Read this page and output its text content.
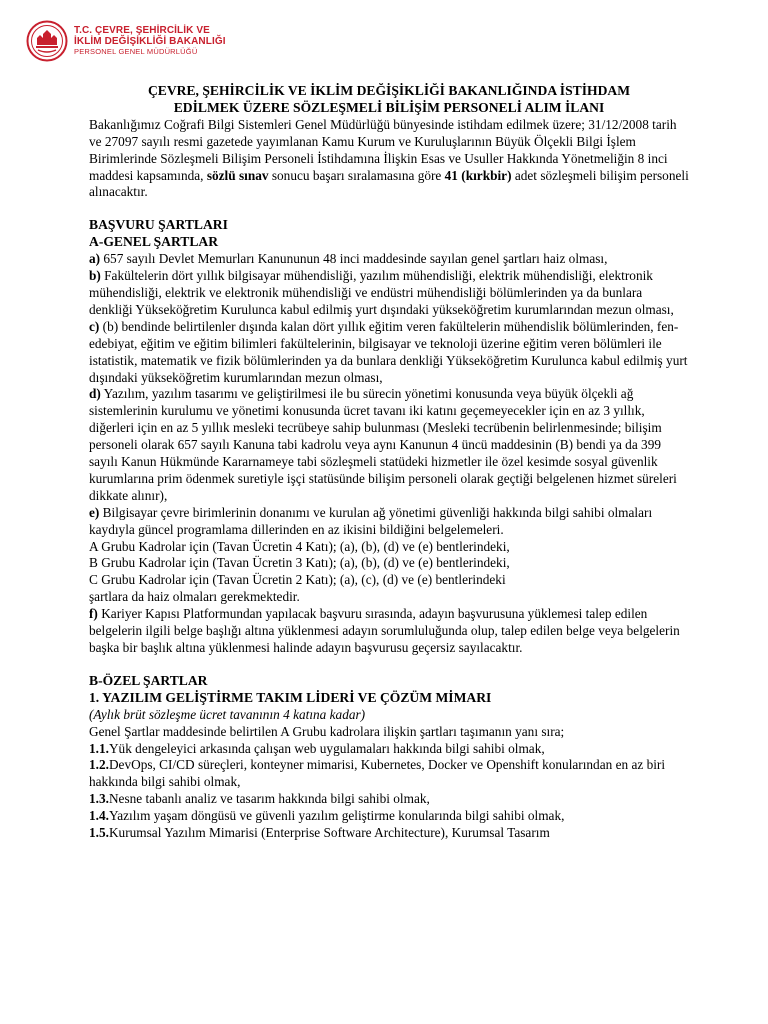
T.C. ÇEVRE, ŞEHİRCİLİK VE
İKLİM DEĞİŞİKLİĞİ BAKANLIĞI
PERSONEL GENEL MÜDÜRLÜĞÜ
ÇEVRE, ŞEHİRCİLİK VE İKLİM DEĞİŞİKLİĞİ BAKANLIĞINDA İSTİHDAM
EDİLMEK ÜZERE SÖZLEŞMELİ BİLİŞİM PERSONELİ ALIM İLANI

Bakanlığımız Coğrafi Bilgi Sistemleri Genel Müdürlüğü bünyesinde istihdam edilmek üzere; 31/12/2008 tarih ve 27097 sayılı resmi gazetede yayımlanan Kamu Kurum ve Kuruluşlarının Büyük Ölçekli Bilgi İşlem Birimlerinde Sözleşmeli Bilişim Personeli İstihdamına İlişkin Esas ve Usuller Hakkında Yönetmeliğin 8 inci maddesi kapsamında, sözlü sınav sonucu başarı sıralamasına göre 41 (kırkbir) adet sözleşmeli bilişim personeli alınacaktır.

BAŞVURU ŞARTLARI
A-GENEL ŞARTLAR

a) 657 sayılı Devlet Memurları Kanununun 48 inci maddesinde sayılan genel şartları haiz olması,

b) Fakültelerin dört yıllık bilgisayar mühendisliği, yazılım mühendisliği, elektrik mühendisliği, elektronik mühendisliği, elektrik ve elektronik mühendisliği ve endüstri mühendisliği bölümlerinden ya da bunlara denkliği Yükseköğretim Kurulunca kabul edilmiş yurt dışındaki yükseköğretim kurumlarından mezun olması,

c) (b) bendinde belirtilenler dışında kalan dört yıllık eğitim veren fakültelerin mühendislik bölümlerinden, fen-edebiyat, eğitim ve eğitim bilimleri fakültelerinin, bilgisayar ve teknoloji üzerine eğitim veren bölümleri ile istatistik, matematik ve fizik bölümlerinden ya da bunlara denkliği Yükseköğretim Kurulunca kabul edilmiş yurt dışındaki yükseköğretim kurumlarından mezun olması,

d) Yazılım, yazılım tasarımı ve geliştirilmesi ile bu sürecin yönetimi konusunda veya büyük ölçekli ağ sistemlerinin kurulumu ve yönetimi konusunda ücret tavanı iki katını geçemeyecekler için en az 3 yıllık, diğerleri için en az 5 yıllık mesleki tecrübeye sahip bulunması (Mesleki tecrübenin belirlenmesinde; bilişim personeli olarak 657 sayılı Kanuna tabi kadrolu veya aynı Kanunun 4 üncü maddesinin (B) bendi ya da 399 sayılı Kanun Hükmünde Kararnameye tabi sözleşmeli statüdeki hizmetler ile özel kesimde sosyal güvenlik kurumlarına prim ödenmek suretiyle işçi statüsünde bilişim personeli olarak geçtiği belgelenen hizmet süreleri dikkate alınır),

e) Bilgisayar çevre birimlerinin donanımı ve kurulan ağ yönetimi güvenliği hakkında bilgi sahibi olmaları kaydıyla güncel programlama dillerinden en az ikisini bildiğini belgelemeleri.

A Grubu Kadrolar için (Tavan Ücretin 4 Katı); (a), (b), (d) ve (e) bentlerindeki,
B Grubu Kadrolar için (Tavan Ücretin 3 Katı); (a), (b), (d) ve (e) bentlerindeki,
C Grubu Kadrolar için (Tavan Ücretin 2 Katı); (a), (c), (d) ve (e) bentlerindeki
şartlara da haiz olmaları gerekmektedir.

f) Kariyer Kapısı Platformundan yapılacak başvuru sırasında, adayın başvurusuna yüklemesi talep edilen belgelerin ilgili belge başlığı altına yüklenmesi adayın sorumluluğunda olup, talep edilen belge veya belgelerin başka bir başlık altına yüklenmesi halinde adayın başvurusu geçersiz sayılacaktır.

B-ÖZEL ŞARTLAR
1. YAZILIM GELİŞTİRME TAKIM LİDERİ VE ÇÖZÜM MİMARI
(Aylık brüt sözleşme ücret tavanının 4 katına kadar)
Genel Şartlar maddesinde belirtilen A Grubu kadrolara ilişkin şartları taşımanın yanı sıra;

1.1.Yük dengeleyici arkasında çalışan web uygulamaları hakkında bilgi sahibi olmak,

1.2.DevOps, CI/CD süreçleri, konteyner mimarisi, Kubernetes, Docker ve Openshift konularından en az biri hakkında bilgi sahibi olmak,

1.3.Nesne tabanlı analiz ve tasarım hakkında bilgi sahibi olmak,

1.4.Yazılım yaşam döngüsü ve güvenli yazılım geliştirme konularında bilgi sahibi olmak,

1.5.Kurumsal Yazılım Mimarisi (Enterprise Software Architecture), Kurumsal Tasarım
